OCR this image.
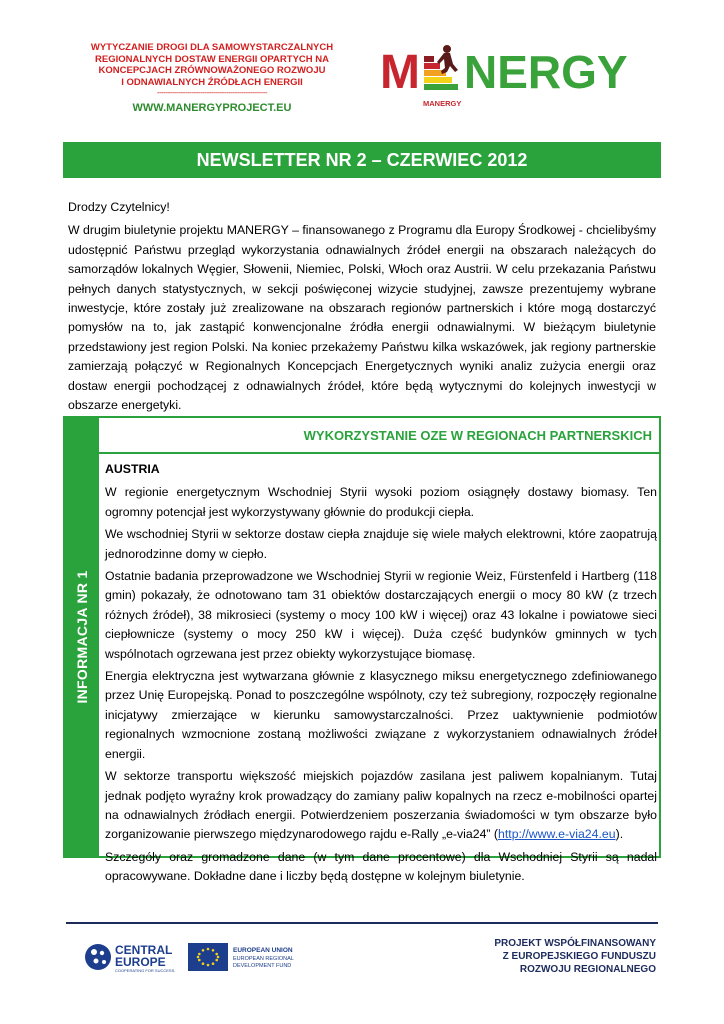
WYTYCZANIE DROGI DLA SAMOWYSTARCZALNYCH
REGIONALNYCH DOSTAW ENERGII OPARTYCH NA
KONCEPCJACH ZRÓWNOWAŻONEGO ROZWOJU
I ODNAWIALNYCH ŹRÓDŁACH ENERGII
---------------------------------------------------
WWW.MANERGYPROJECT.EU
M NERGY
MANERGY
NEWSLETTER NR 2 – CZERWIEC 2012

Drodzy Czytelnicy!

W drugim biuletynie projektu MANERGY – finansowanego z Programu dla Europy Środkowej - chcielibyśmy udostępnić Państwu przegląd wykorzystania odnawialnych źródeł energii na obszarach należących do samorządów lokalnych Węgier, Słowenii, Niemiec, Polski, Włoch oraz Austrii. W celu przekazania Państwu pełnych danych statystycznych, w sekcji poświęconej wizycie studyjnej, zawsze prezentujemy wybrane inwestycje, które zostały już zrealizowane na obszarach regionów partnerskich i które mogą dostarczyć pomysłów na to, jak zastąpić konwencjonalne źródła energii odnawialnymi. W bieżącym biuletynie przedstawiony jest region Polski. Na koniec przekażemy Państwu kilka wskazówek, jak regiony partnerskie zamierzają połączyć w Regionalnych Koncepcjach Energetycznych wyniki analiz zużycia energii oraz dostaw energii pochodzącej z odnawialnych źródeł, które będą wytycznymi do kolejnych inwestycji w obszarze energetyki.

INFORMACJA NR 1
WYKORZYSTANIE OZE W REGIONACH PARTNERSKICH
AUSTRIA

W regionie energetycznym Wschodniej Styrii wysoki poziom osiągnęły dostawy biomasy. Ten ogromny potencjał jest wykorzystywany głównie do produkcji ciepła.

We wschodniej Styrii w sektorze dostaw ciepła znajduje się wiele małych elektrowni, które zaopatrują jednorodzinne domy w ciepło.

Ostatnie badania przeprowadzone we Wschodniej Styrii w regionie Weiz, Fürstenfeld i Hartberg (118 gmin) pokazały, że odnotowano tam 31 obiektów dostarczających energii o mocy 80 kW (z trzech różnych źródeł), 38 mikrosieci (systemy o mocy 100 kW i więcej) oraz 43 lokalne i powiatowe sieci ciepłownicze (systemy o mocy 250 kW i więcej). Duża część budynków gminnych w tych wspólnotach ogrzewana jest przez obiekty wykorzystujące biomasę.

Energia elektryczna jest wytwarzana głównie z klasycznego miksu energetycznego zdefiniowanego przez Unię Europejską. Ponad to poszczególne wspólnoty, czy też subregiony, rozpoczęły regionalne inicjatywy zmierzające w kierunku samowystarczalności. Przez uaktywnienie podmiotów regionalnych wzmocnione zostaną możliwości związane z wykorzystaniem odnawialnych źródeł energii.

W sektorze transportu większość miejskich pojazdów zasilana jest paliwem kopalnianym. Tutaj jednak podjęto wyraźny krok prowadzący do zamiany paliw kopalnych na rzecz e-mobilności opartej na odnawialnych źródłach energii. Potwierdzeniem poszerzania świadomości w tym obszarze było zorganizowanie pierwszego międzynarodowego rajdu e-Rally „e-via24” (http://www.e-via24.eu).

Szczegóły oraz gromadzone dane (w tym dane procentowe) dla Wschodniej Styrii są nadal opracowywane. Dokładne dane i liczby będą dostępne w kolejnym biuletynie.

CENTRAL
EUROPE
COOPERATING FOR SUCCESS.
EUROPEAN UNION
EUROPEAN REGIONAL
DEVELOPMENT FUND
PROJEKT WSPÓŁFINANSOWANY
Z EUROPEJSKIEGO FUNDUSZU
ROZWOJU REGIONALNEGO
